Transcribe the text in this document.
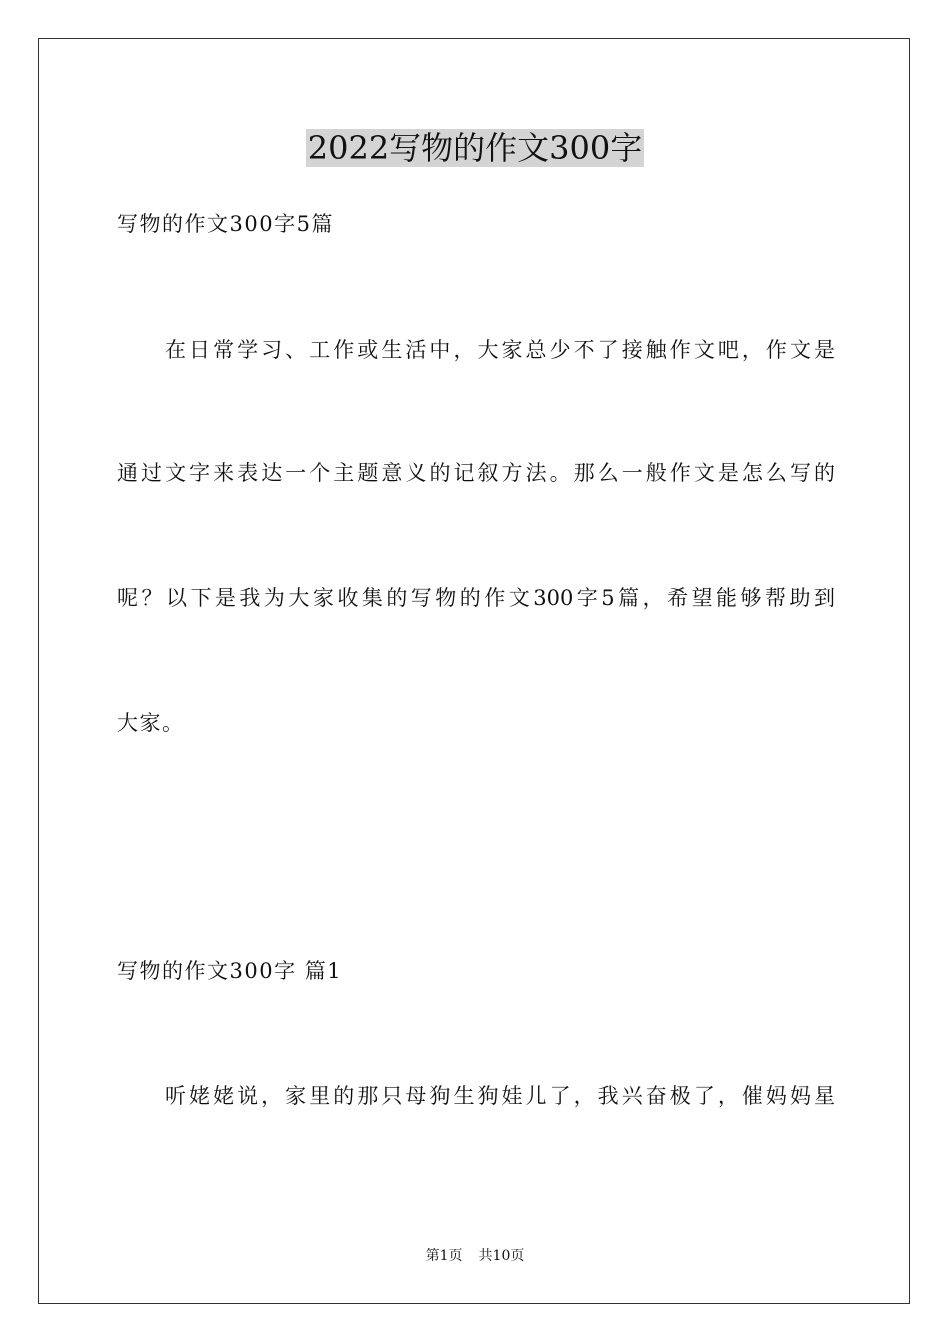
2022写物的作文300字
写物的作文300字5篇
在日常学习、工作或生活中，大家总少不了接触作文吧，作文是
通过文字来表达一个主题意义的记叙方法。那么一般作文是怎么写的
呢？以下是我为大家收集的写物的作文300字5篇，希望能够帮助到
大家。
写物的作文300字 篇1
听姥姥说，家里的那只母狗生狗娃儿了，我兴奋极了，催妈妈星
第1页 共10页
